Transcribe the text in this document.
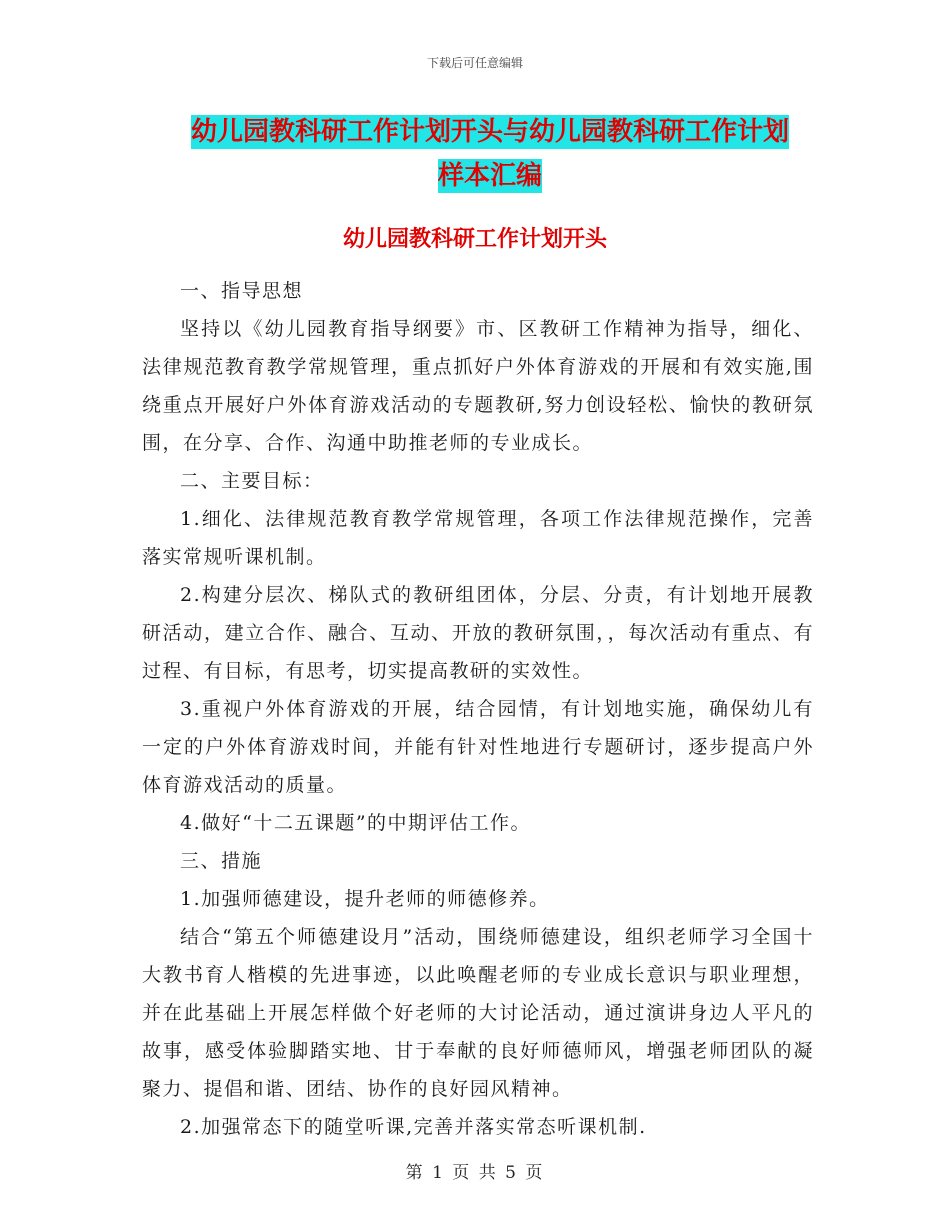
下载后可任意编辑
幼儿园教科研工作计划开头与幼儿园教科研工作计划
样本汇编
幼儿园教科研工作计划开头

一、指导思想

坚持以《幼儿园教育指导纲要》市、区教研工作精神为指导，细化、法律规范教育教学常规管理，重点抓好户外体育游戏的开展和有效实施,围绕重点开展好户外体育游戏活动的专题教研,努力创设轻松、愉快的教研氛围，在分享、合作、沟通中助推老师的专业成长。

二、主要目标：

1.细化、法律规范教育教学常规管理，各项工作法律规范操作，完善落实常规听课机制。

2.构建分层次、梯队式的教研组团体，分层、分责，有计划地开展教研活动，建立合作、融合、互动、开放的教研氛围，，每次活动有重点、有过程、有目标，有思考，切实提高教研的实效性。

3.重视户外体育游戏的开展，结合园情，有计划地实施，确保幼儿有一定的户外体育游戏时间，并能有针对性地进行专题研讨，逐步提高户外体育游戏活动的质量。

4.做好“十二五课题”的中期评估工作。

三、措施

1.加强师德建设，提升老师的师德修养。

结合“第五个师德建设月”活动，围绕师德建设，组织老师学习全国十大教书育人楷模的先进事迹，以此唤醒老师的专业成长意识与职业理想，并在此基础上开展怎样做个好老师的大讨论活动，通过演讲身边人平凡的故事，感受体验脚踏实地、甘于奉献的良好师德师风，增强老师团队的凝聚力、提倡和谐、团结、协作的良好园风精神。

2.加强常态下的随堂听课,完善并落实常态听课机制.

第 1 页 共 5 页
